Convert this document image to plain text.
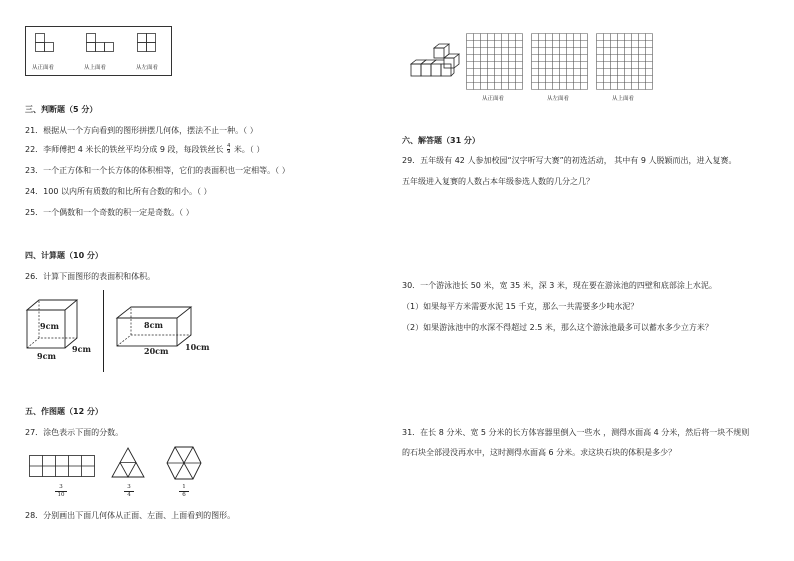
从正面看	从上面看	从左面看
三、判断题（5 分）
21．根据从一个方向看到的图形拼摆几何体，摆法不止一种。（ ）
22．李师傅把 4 米长的铁丝平均分成 9 段，每段铁丝长 $\frac{4}{9}$ 米。（ ）
23．一个正方体和一个长方体的体积相等，它们的表面积也一定相等。（ ）
24．100 以内所有质数的和比所有合数的和小。（ ）
25．一个偶数和一个奇数的积一定是奇数。（ ）
四、计算题（10 分）
26．计算下面图形的表面积和体积。
9cm
9cm
9cm
8cm
20cm 10cm
五、作图题（12 分）
27．涂色表示下面的分数。
3
10
3
4
1
6
28．分别画出下面几何体从正面、左面、上面看到的图形。
从正面看	从左面看	从上面看
六、解答题（31 分）
29．五年级有 42 人参加校园“汉字听写大赛”的初选活动， 其中有 9 人脱颖而出，进入复赛。
五年级进入复赛的人数占本年级参选人数的几分之几？
30．一个游泳池长 50 米，宽 35 米，深 3 米，现在要在游泳池的四壁和底部涂上水泥。
（1）如果每平方米需要水泥 15 千克，那么一共需要多少吨水泥？
（2）如果游泳池中的水深不得超过 2.5 米，那么这个游泳池最多可以蓄水多少立方米？
31．在长 8 分米、宽 5 分米的长方体容器里倒入一些水 ，测得水面高 4 分米，然后将一块不规则
的石块全部浸没再水中，这时测得水面高 6 分米。求这块石块的体积是多少？
